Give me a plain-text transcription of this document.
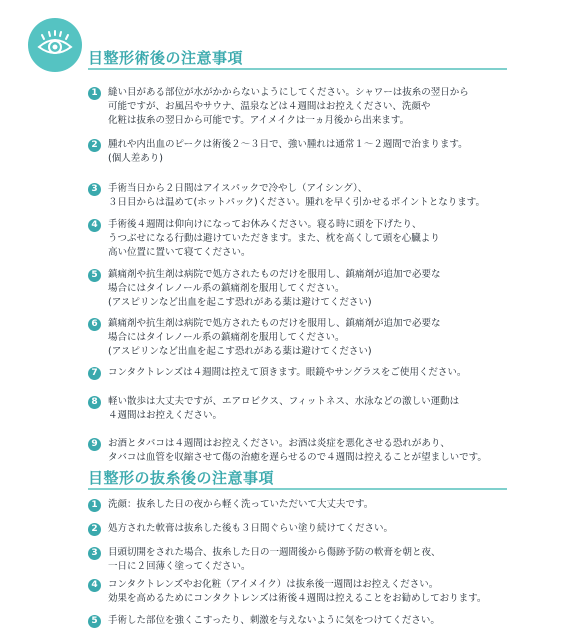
目整形術後の注意事項
1	縫い目がある部位が水がかからないようにしてください。シャワーは抜糸の翌日から
可能ですが、お風呂やサウナ、温泉などは４週間はお控えください、洗顔や
化粧は抜糸の翌日から可能です。アイメイクは一ヵ月後から出来ます。
2	腫れや内出血のピークは術後２～３日で、強い腫れは通常１～２週間で治まります。
(個人差あり)
3	手術当日から２日間はアイスパックで冷やし（アイシング）、
３日目からは温めて(ホットパック)ください。腫れを早く引かせるポイントとなります。
4	手術後４週間は仰向けになってお休みください。寝る時に頭を下げたり、
うつぶせになる行動は避けていただきます。また、枕を高くして頭を心臓より
高い位置に置いて寝てください。
5	鎮痛剤や抗生剤は病院で処方されたものだけを服用し、鎮痛剤が追加で必要な
場合にはタイレノール系の鎮痛剤を服用してください。
(アスピリンなど出血を起こす恐れがある薬は避けてください)
6	鎮痛剤や抗生剤は病院で処方されたものだけを服用し、鎮痛剤が追加で必要な
場合にはタイレノール系の鎮痛剤を服用してください。
(アスピリンなど出血を起こす恐れがある薬は避けてください)
7	コンタクトレンズは４週間は控えて頂きます。眼鏡やサングラスをご使用ください。
8	軽い散歩は大丈夫ですが、エアロビクス、フィットネス、水泳などの激しい運動は
４週間はお控えください。
9	お酒とタバコは４週間はお控えください。お酒は炎症を悪化させる恐れがあり、
タバコは血管を収縮させて傷の治癒を遅らせるので４週間は控えることが望ましいです。
目整形の抜糸後の注意事項
1	洗顔：抜糸した日の夜から軽く洗っていただいて大丈夫です。
2	処方された軟膏は抜糸した後も３日間ぐらい塗り続けてください。
3	目頭切開をされた場合、抜糸した日の一週間後から傷跡予防の軟膏を朝と夜、
一日に２回薄く塗ってください。
4	コンタクトレンズやお化粧（アイメイク）は抜糸後一週間はお控えください。
効果を高めるためにコンタクトレンズは術後４週間は控えることをお勧めしております。
5	手術した部位を強くこすったり、刺激を与えないように気をつけてください。
